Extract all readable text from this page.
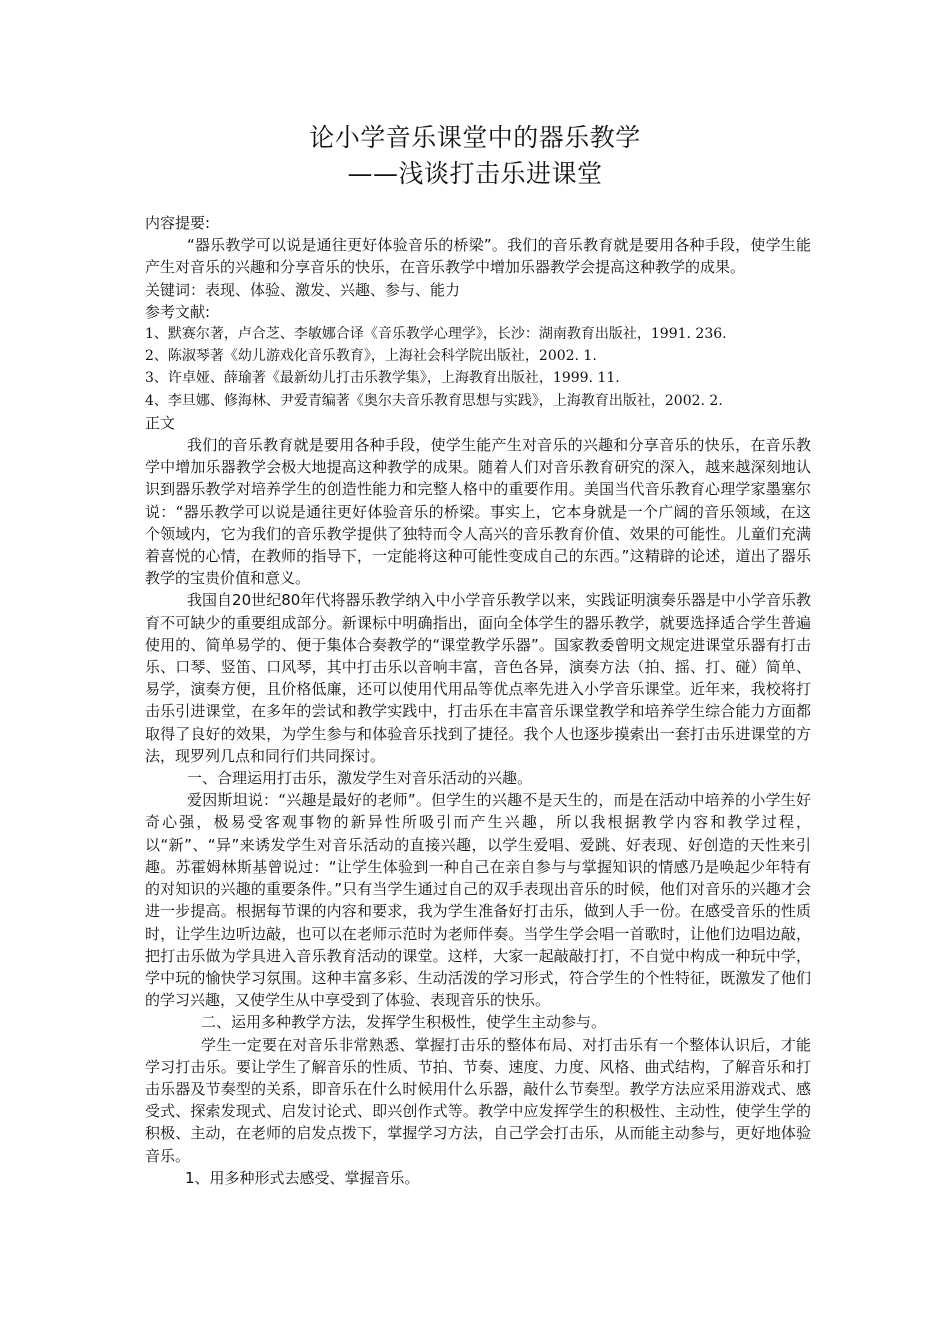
论小学音乐课堂中的器乐教学
——浅谈打击乐进课堂

内容提要:

“器乐教学可以说是通往更好体验音乐的桥梁”。我们的音乐教育就是要用各种手段，使学生能产生对音乐的兴趣和分享音乐的快乐，在音乐教学中增加乐器教学会提高这种教学的成果。

关键词：表现、体验、激发、兴趣、参与、能力

参考文献:

1、默赛尔著，卢合芝、李敏娜合译《音乐教学心理学》，长沙：湖南教育出版社，1991. 236.

2、陈淑琴著《幼儿游戏化音乐教育》，上海社会科学院出版社，2002. 1.

3、许卓娅、薛瑜著《最新幼儿打击乐教学集》，上海教育出版社，1999. 11.

4、李旦娜、修海林、尹爱青编著《奥尔夫音乐教育思想与实践》，上海教育出版社，2002. 2.

正文

我们的音乐教育就是要用各种手段，使学生能产生对音乐的兴趣和分享音乐的快乐，在音乐教学中增加乐器教学会极大地提高这种教学的成果。随着人们对音乐教育研究的深入，越来越深刻地认识到器乐教学对培养学生的创造性能力和完整人格中的重要作用。美国当代音乐教育心理学家墨塞尔说：“器乐教学可以说是通往更好体验音乐的桥梁。事实上，它本身就是一个广阔的音乐领域，在这个领域内，它为我们的音乐教学提供了独特而令人高兴的音乐教育价值、效果的可能性。儿童们充满着喜悦的心情，在教师的指导下，一定能将这种可能性变成自己的东西。”这精辟的论述，道出了器乐教学的宝贵价值和意义。

我国自20世纪80年代将器乐教学纳入中小学音乐教学以来，实践证明演奏乐器是中小学音乐教育不可缺少的重要组成部分。新课标中明确指出，面向全体学生的器乐教学，就要选择适合学生普遍使用的、简单易学的、便于集体合奏教学的“课堂教学乐器”。国家教委曾明文规定进课堂乐器有打击乐、口琴、竖笛、口风琴，其中打击乐以音响丰富，音色各异，演奏方法（拍、摇、打、碰）简单、易学，演奏方便，且价格低廉，还可以使用代用品等优点率先进入小学音乐课堂。近年来，我校将打击乐引进课堂，在多年的尝试和教学实践中，打击乐在丰富音乐课堂教学和培养学生综合能力方面都取得了良好的效果，为学生参与和体验音乐找到了捷径。我个人也逐步摸索出一套打击乐进课堂的方法，现罗列几点和同行们共同探讨。

一、合理运用打击乐，激发学生对音乐活动的兴趣。

爱因斯坦说：“兴趣是最好的老师”。但学生的兴趣不是天生的，而是在活动中培养的小学生好奇心强，极易受客观事物的新异性所吸引而产生兴趣，所以我根据教学内容和教学过程，以“新”、“异”来诱发学生对音乐活动的直接兴趣，以学生爱唱、爱跳、好表现、好创造的天性来引趣。苏霍姆林斯基曾说过：“让学生体验到一种自己在亲自参与与掌握知识的情感乃是唤起少年特有的对知识的兴趣的重要条件。”只有当学生通过自己的双手表现出音乐的时候，他们对音乐的兴趣才会进一步提高。根据每节课的内容和要求，我为学生准备好打击乐，做到人手一份。在感受音乐的性质时，让学生边听边敲，也可以在老师示范时为老师伴奏。当学生学会唱一首歌时，让他们边唱边敲，把打击乐做为学具进入音乐教育活动的课堂。这样，大家一起敲敲打打，不自觉中构成一种玩中学，学中玩的愉快学习氛围。这种丰富多彩、生动活泼的学习形式，符合学生的个性特征，既激发了他们的学习兴趣，又使学生从中享受到了体验、表现音乐的快乐。

二、运用多种教学方法，发挥学生积极性，使学生主动参与。

学生一定要在对音乐非常熟悉、掌握打击乐的整体布局、对打击乐有一个整体认识后，才能学习打击乐。要让学生了解音乐的性质、节拍、节奏、速度、力度、风格、曲式结构，了解音乐和打击乐器及节奏型的关系，即音乐在什么时候用什么乐器，敲什么节奏型。教学方法应采用游戏式、感受式、探索发现式、启发讨论式、即兴创作式等。教学中应发挥学生的积极性、主动性，使学生学的积极、主动，在老师的启发点拨下，掌握学习方法，自己学会打击乐，从而能主动参与，更好地体验音乐。

1、用多种形式去感受、掌握音乐。
